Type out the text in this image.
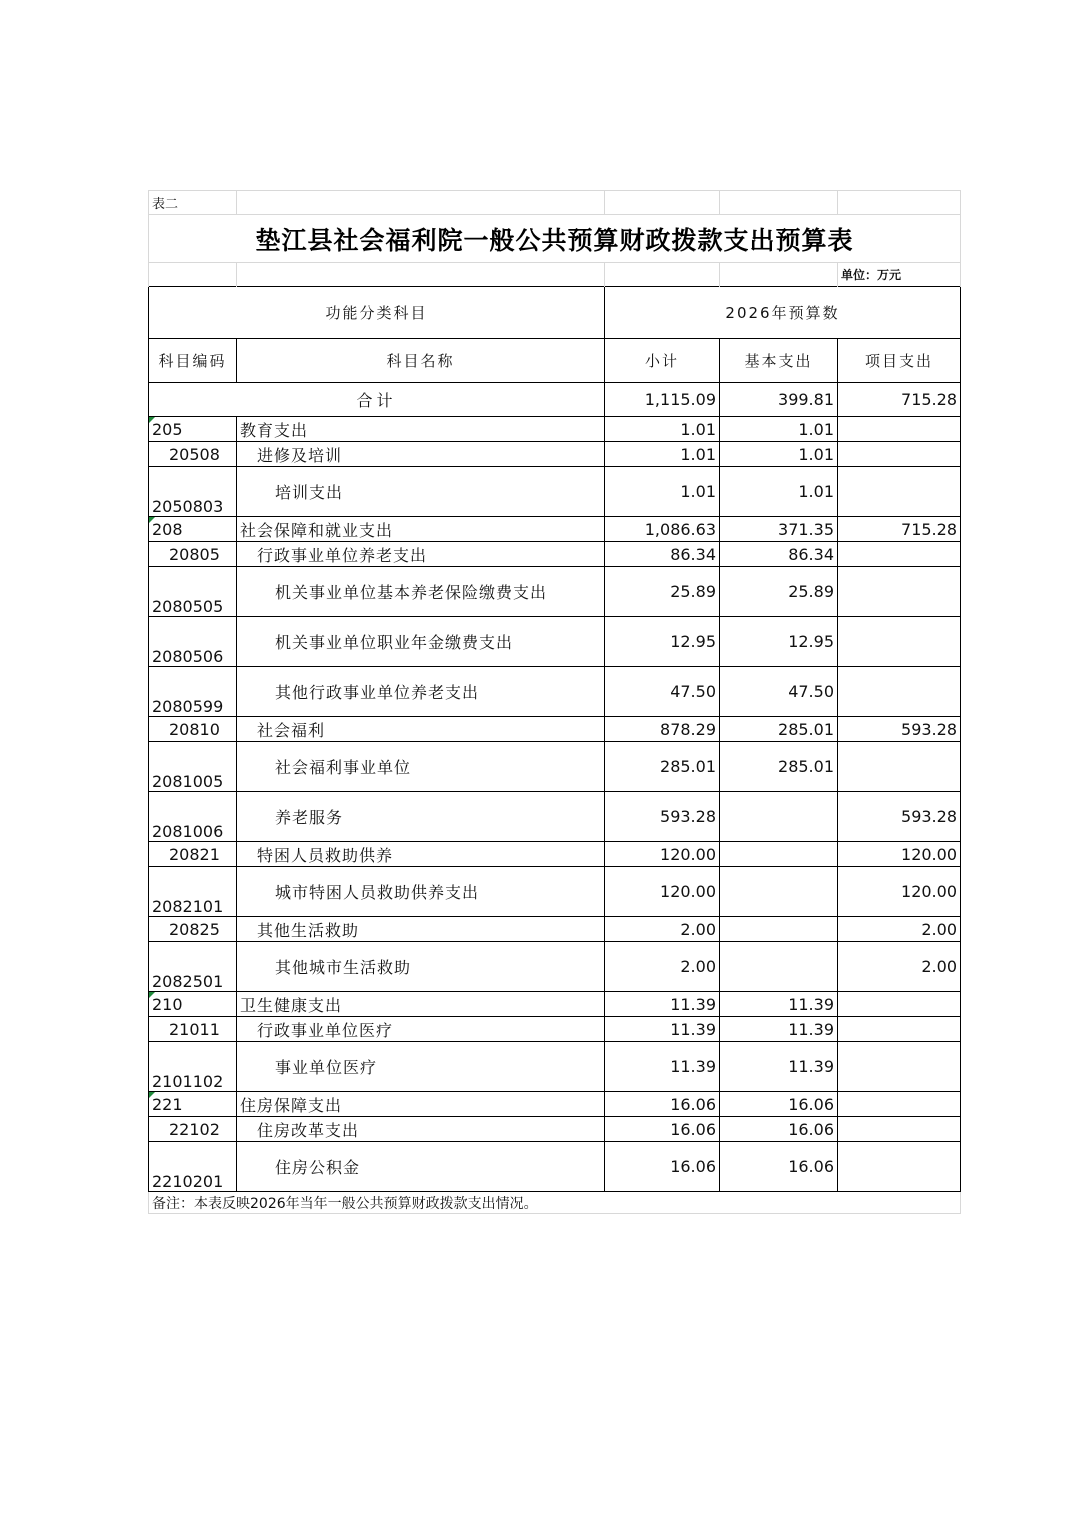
表二				
垫江县社会福利院一般公共预算财政拨款支出预算表				
				单位：万元
功能分类科目		2026年预算数		
科目编码	科目名称	小计	基本支出	项目支出
合计		1,115.09	399.81	715.28
205	教育支出	1.01	1.01	
20508	进修及培训	1.01	1.01	
2050803	培训支出	1.01	1.01	
208	社会保障和就业支出	1,086.63	371.35	715.28
20805	行政事业单位养老支出	86.34	86.34	
2080505	机关事业单位基本养老保险缴费支出	25.89	25.89	
2080506	机关事业单位职业年金缴费支出	12.95	12.95	
2080599	其他行政事业单位养老支出	47.50	47.50	
20810	社会福利	878.29	285.01	593.28
2081005	社会福利事业单位	285.01	285.01	
2081006	养老服务	593.28		593.28
20821	特困人员救助供养	120.00		120.00
2082101	城市特困人员救助供养支出	120.00		120.00
20825	其他生活救助	2.00		2.00
2082501	其他城市生活救助	2.00		2.00
210	卫生健康支出	11.39	11.39	
21011	行政事业单位医疗	11.39	11.39	
2101102	事业单位医疗	11.39	11.39	
221	住房保障支出	16.06	16.06	
22102	住房改革支出	16.06	16.06	
2210201	住房公积金	16.06	16.06	
备注：本表反映2026年当年一般公共预算财政拨款支出情况。				
